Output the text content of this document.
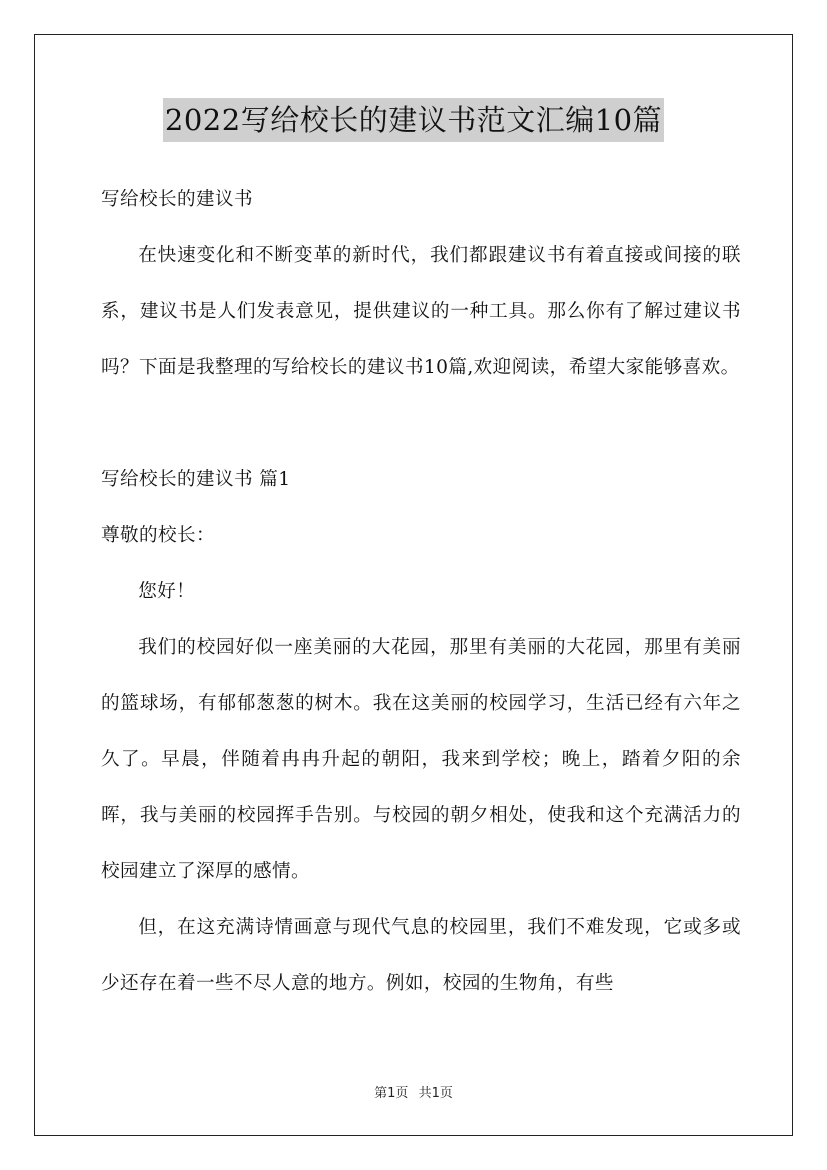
2022写给校长的建议书范文汇编10篇

写给校长的建议书

在快速变化和不断变革的新时代，我们都跟建议书有着直接或间接的联系，建议书是人们发表意见，提供建议的一种工具。那么你有了解过建议书吗？下面是我整理的写给校长的建议书10篇,欢迎阅读，希望大家能够喜欢。

写给校长的建议书 篇1

尊敬的校长：

您好！

我们的校园好似一座美丽的大花园，那里有美丽的大花园，那里有美丽的篮球场，有郁郁葱葱的树木。我在这美丽的校园学习，生活已经有六年之久了。早晨，伴随着冉冉升起的朝阳，我来到学校；晚上，踏着夕阳的余晖，我与美丽的校园挥手告别。与校园的朝夕相处，使我和这个充满活力的校园建立了深厚的感情。

但，在这充满诗情画意与现代气息的校园里，我们不难发现，它或多或少还存在着一些不尽人意的地方。例如，校园的生物角，有些

第1页 共1页
